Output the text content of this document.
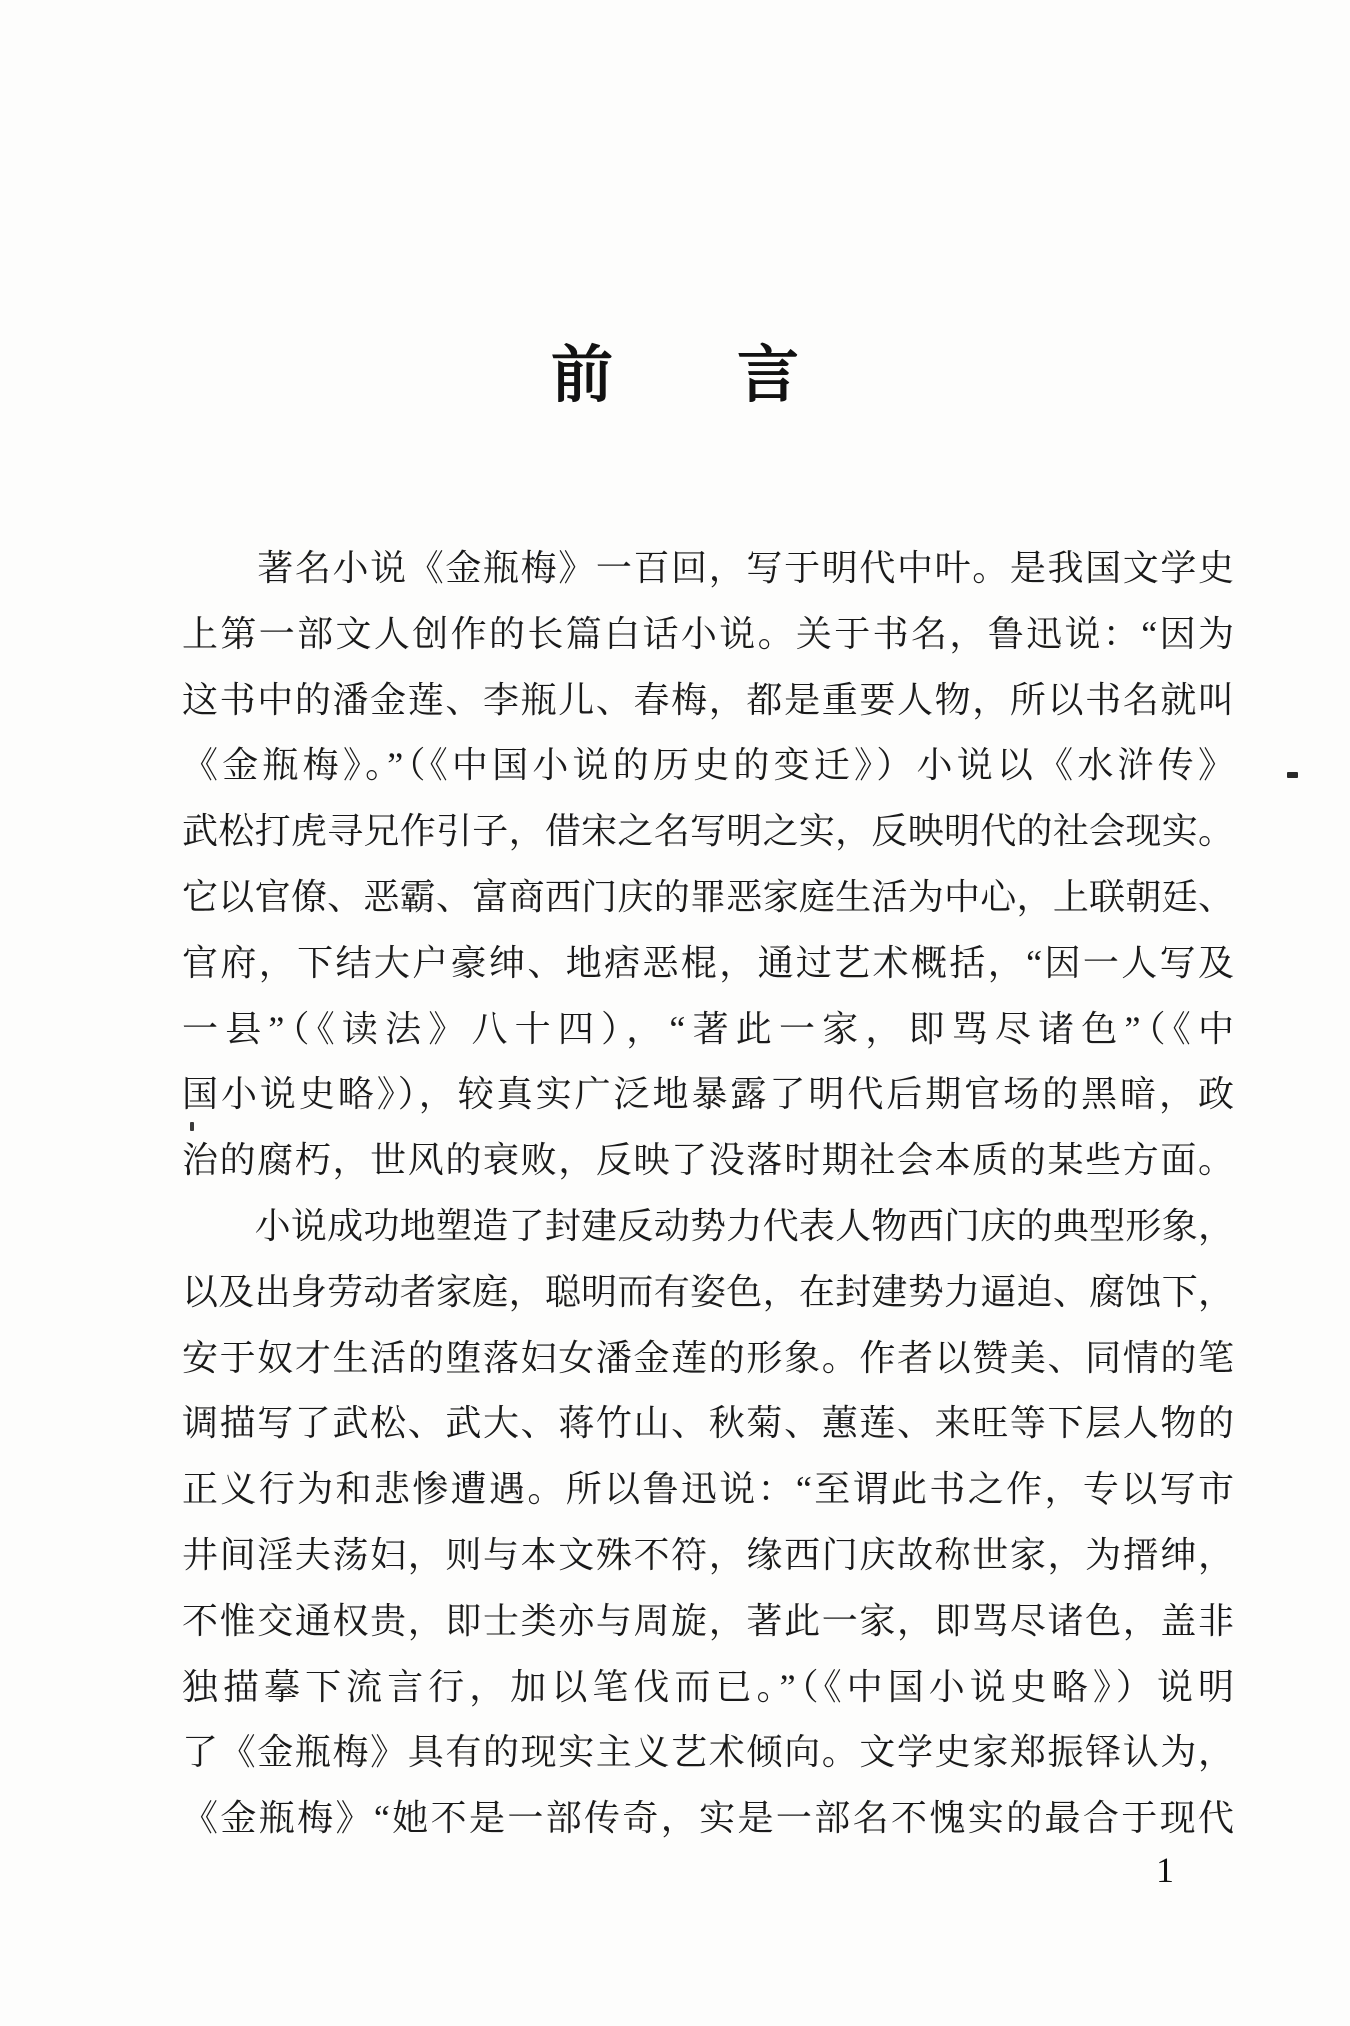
前　　言
　　著名小说《金瓶梅》一百回，写于明代中叶。是我国文学史
上第一部文人创作的长篇白话小说。关于书名，鲁迅说：“因为
这书中的潘金莲、李瓶儿、春梅，都是重要人物，所以书名就叫
《金瓶梅》。”（《中国小说的历史的变迁》）小说以《水浒传》
武松打虎寻兄作引子，借宋之名写明之实，反映明代的社会现实。
它以官僚、恶霸、富商西门庆的罪恶家庭生活为中心，上联朝廷、
官府，下结大户豪绅、地痞恶棍，通过艺术概括，“因一人写及
一县”（《读法》八十四），“著此一家，即骂尽诸色”（《中
国小说史略》），较真实广泛地暴露了明代后期官场的黑暗，政
治的腐朽，世风的衰败，反映了没落时期社会本质的某些方面。
　　小说成功地塑造了封建反动势力代表人物西门庆的典型形象，
以及出身劳动者家庭，聪明而有姿色，在封建势力逼迫、腐蚀下，
安于奴才生活的堕落妇女潘金莲的形象。作者以赞美、同情的笔
调描写了武松、武大、蒋竹山、秋菊、蕙莲、来旺等下层人物的
正义行为和悲惨遭遇。所以鲁迅说：“至谓此书之作，专以写市
井间淫夫荡妇，则与本文殊不符，缘西门庆故称世家，为搢绅，
不惟交通权贵，即士类亦与周旋，著此一家，即骂尽诸色，盖非
独描摹下流言行，加以笔伐而已。”（《中国小说史略》）说明
了《金瓶梅》具有的现实主义艺术倾向。文学史家郑振铎认为，
《金瓶梅》“她不是一部传奇，实是一部名不愧实的最合于现代
1
